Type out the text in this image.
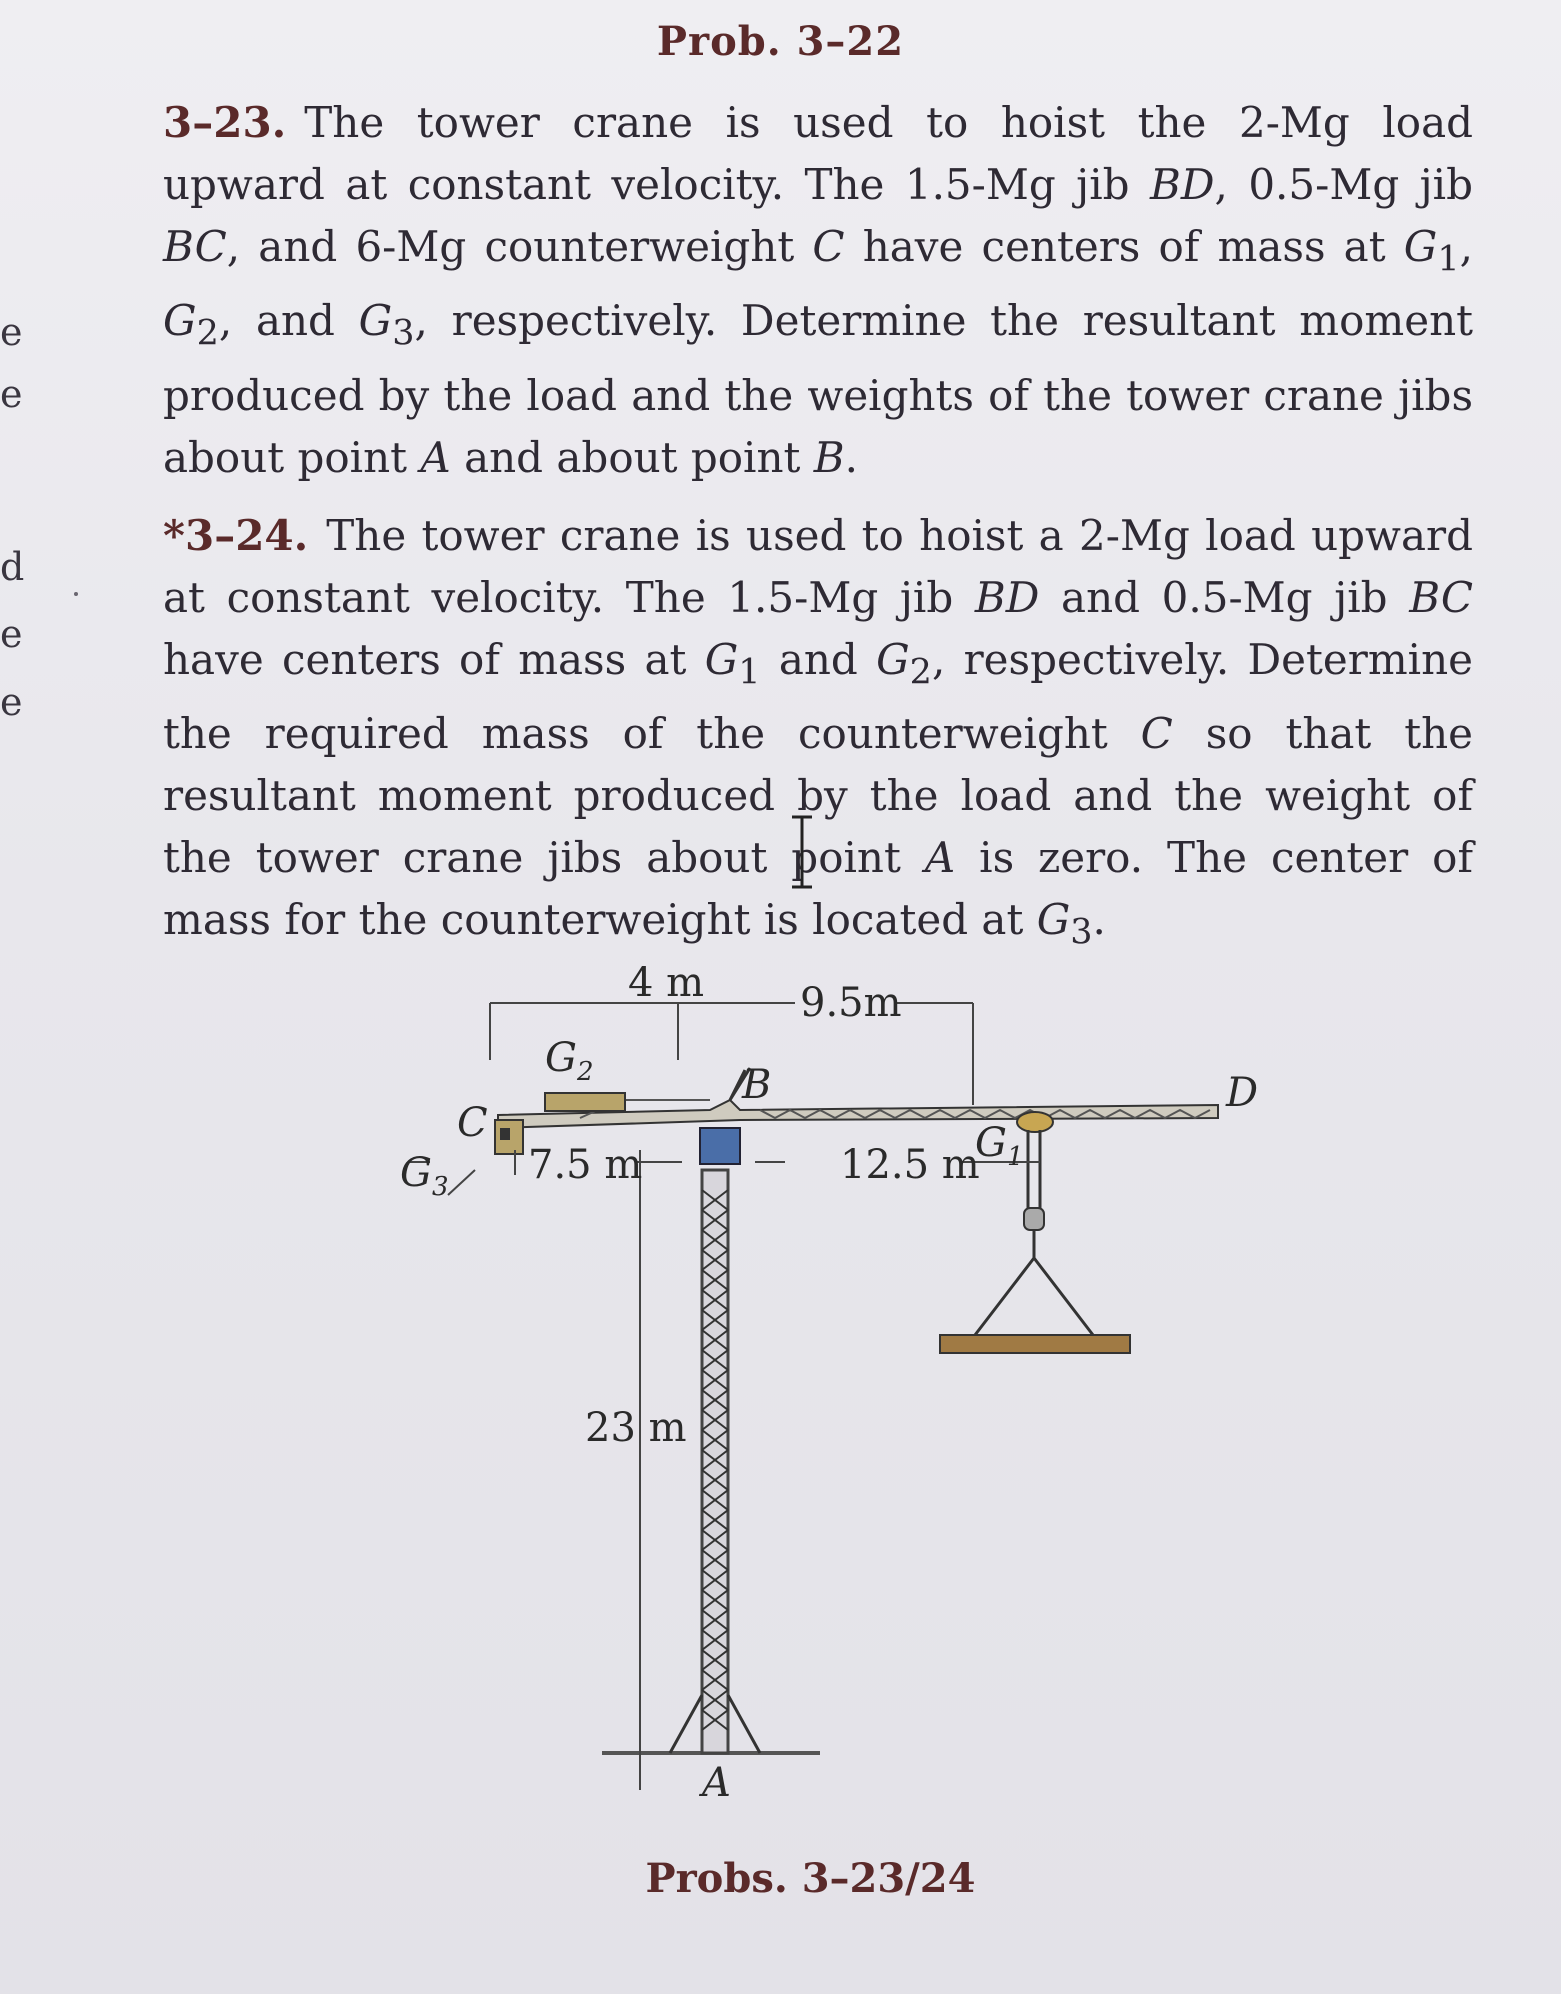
e
e
d
e
e
Prob. 3–22
3–23. The tower crane is used to hoist the 2-Mg load upward at constant velocity. The 1.5-Mg jib BD, 0.5-Mg jib BC, and 6-Mg counterweight C have centers of mass at $G_1$, $G_2$, and $G_3$, respectively. Determine the resultant moment produced by the load and the weights of the tower crane jibs about point A and about point B.
*3–24. The tower crane is used to hoist a 2-Mg load upward at constant velocity. The 1.5-Mg jib BD and 0.5-Mg jib BC have centers of mass at $G_1$ and $G_2$, respectively. Determine the required mass of the counterweight C so that the resultant moment produced by the load and the weight of the tower crane jibs about point A is zero. The center of mass for the counterweight is located at $G_3$.
4 m 9.5m
7.5 m	12.5 m
23 m
C
B	D
A
$G_2$
$G_3$
$G_1$
Probs. 3–23/24
